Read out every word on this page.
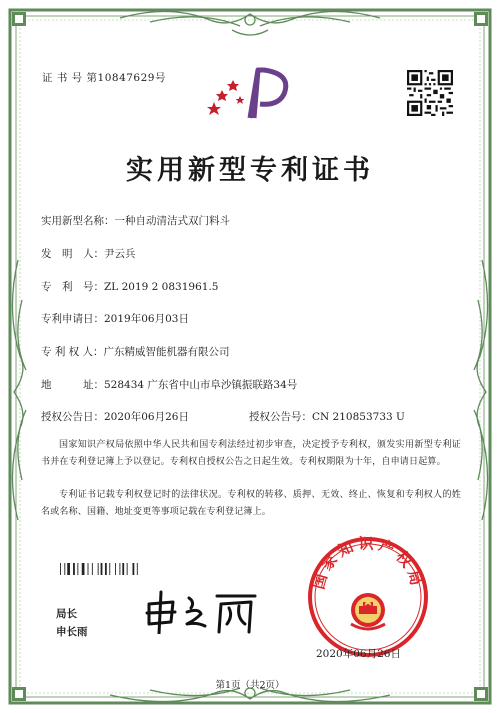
证 书 号 第10847629号
实用新型专利证书
实用新型名称：一种自动清洁式双门料斗
发　明　人：尹云兵
专　利　号：ZL 2019 2 0831961.5
专利申请日：2019年06月03日
专 利 权 人：广东精威智能机器有限公司
地　　　址：528434 广东省中山市阜沙镇振联路34号
授权公告日：2020年06月26日	授权公告号：CN 210853733 U
国家知识产权局依照中华人民共和国专利法经过初步审查，决定授予专利权，颁发实用新型专利证书并在专利登记簿上予以登记。专利权自授权公告之日起生效。专利权期限为十年，自申请日起算。
专利证书记载专利权登记时的法律状况。专利权的转移、质押、无效、终止、恢复和专利权人的姓名或名称、国籍、地址变更等事项记载在专利登记簿上。
局长
申长雨
国家知识产权局
2020年06月26日
第1页（共2页）
